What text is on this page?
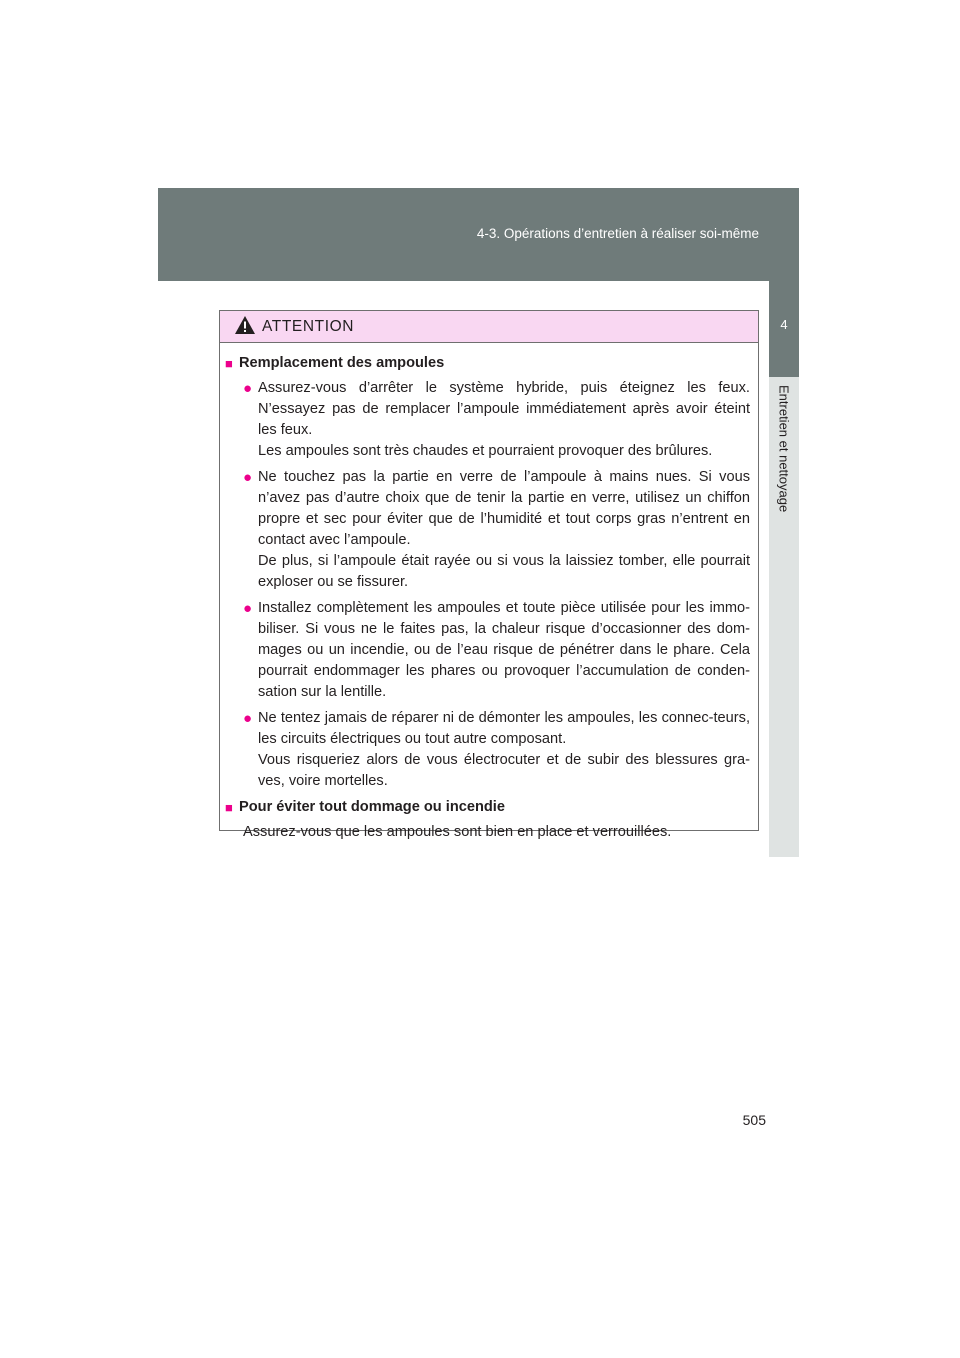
4-3. Opérations d’entretien à réaliser soi-même
4
Entretien et nettoyage
ATTENTION
■ Remplacement des ampoules
● Assurez-vous d’arrêter le système hybride, puis éteignez les feux. N’essayez pas de remplacer l’ampoule immédiatement après avoir éteint les feux.
Les ampoules sont très chaudes et pourraient provoquer des brûlures.
● Ne touchez pas la partie en verre de l’ampoule à mains nues. Si vous n’avez pas d’autre choix que de tenir la partie en verre, utilisez un chiffon propre et sec pour éviter que de l’humidité et tout corps gras n’entrent en contact avec l’ampoule.
De plus, si l’ampoule était rayée ou si vous la laissiez tomber, elle pourrait exploser ou se fissurer.
● Installez complètement les ampoules et toute pièce utilisée pour les immo-biliser. Si vous ne le faites pas, la chaleur risque d’occasionner des dom-mages ou un incendie, ou de l’eau risque de pénétrer dans le phare. Cela pourrait endommager les phares ou provoquer l’accumulation de conden-sation sur la lentille.
● Ne tentez jamais de réparer ni de démonter les ampoules, les connec-teurs, les circuits électriques ou tout autre composant.
Vous risqueriez alors de vous électrocuter et de subir des blessures gra-ves, voire mortelles.
■ Pour éviter tout dommage ou incendie
Assurez-vous que les ampoules sont bien en place et verrouillées.
505
